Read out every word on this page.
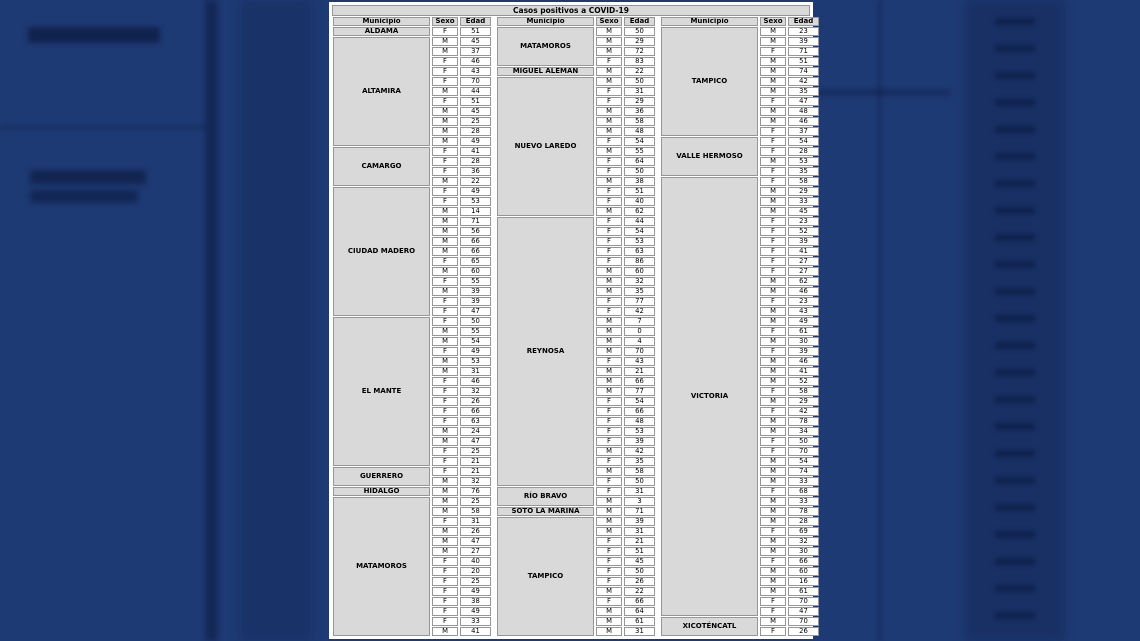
Casos positivos a COVID-19
Municipio	Sexo	Edad
ALDAMA	F	51
ALTAMIRA	M	45
	M	37
	F	46
	F	43
	F	70
	M	44
	F	51
	M	45
	M	25
	M	28
	M	49
CAMARGO	F	41
	F	28
	F	36
	M	22
CIUDAD MADERO	F	49
	F	53
	M	14
	M	71
	M	56
	M	66
	M	66
	F	65
	M	60
	F	55
	M	39
	F	39
	F	47
EL MANTE	F	50
	M	55
	M	54
	F	49
	M	53
	M	31
	F	46
	F	32
	F	26
	F	66
	F	63
	M	24
	M	47
	F	25
	F	21
GUERRERO	F	21
	M	32
HIDALGO	M	76
MATAMOROS	M	25
	M	58
	F	31
	M	26
	M	47
	M	27
	F	40
	F	20
	F	25
	F	49
	F	38
	F	49
	F	33
	M	41
Municipio	Sexo	Edad
MATAMOROS	M	50
	M	29
	M	72
	F	83
MIGUEL ALEMÁN	M	22
NUEVO LAREDO	M	50
	F	31
	F	29
	M	36
	M	58
	M	48
	F	54
	M	55
	F	64
	F	50
	M	38
	F	51
	F	40
	M	62
REYNOSA	F	44
	F	54
	F	53
	F	63
	F	86
	M	60
	M	32
	M	35
	F	77
	F	42
	M	7
	M	0
	M	4
	M	70
	F	43
	M	21
	M	66
	M	77
	F	54
	F	66
	F	48
	F	53
	F	39
	M	42
	F	35
	M	58
	F	50
RÍO BRAVO	F	31
	M	3
SOTO LA MARINA	M	71
TAMPICO	M	39
	M	31
	F	21
	F	51
	F	45
	F	50
	F	26
	M	22
	F	66
	M	64
	M	61
	M	31
Municipio	Sexo	Edad
TAMPICO	M	23
	M	39
	F	71
	M	51
	M	74
	M	42
	M	35
	F	47
	M	48
	M	46
	F	37
VALLE HERMOSO	F	54
	F	28
	M	53
	F	35
VICTORIA	F	58
	M	29
	M	33
	M	45
	F	23
	F	52
	F	39
	F	41
	F	27
	F	27
	M	62
	M	46
	F	23
	M	43
	M	49
	F	61
	M	30
	F	39
	M	46
	M	41
	M	52
	F	58
	M	29
	F	42
	M	78
	M	34
	F	50
	F	70
	M	54
	M	74
	M	33
	F	68
	M	33
	M	78
	M	28
	F	69
	M	32
	M	30
	F	66
	M	60
	M	16
	M	61
	F	70
	F	47
XICOTÉNCATL	M	70
	F	26
